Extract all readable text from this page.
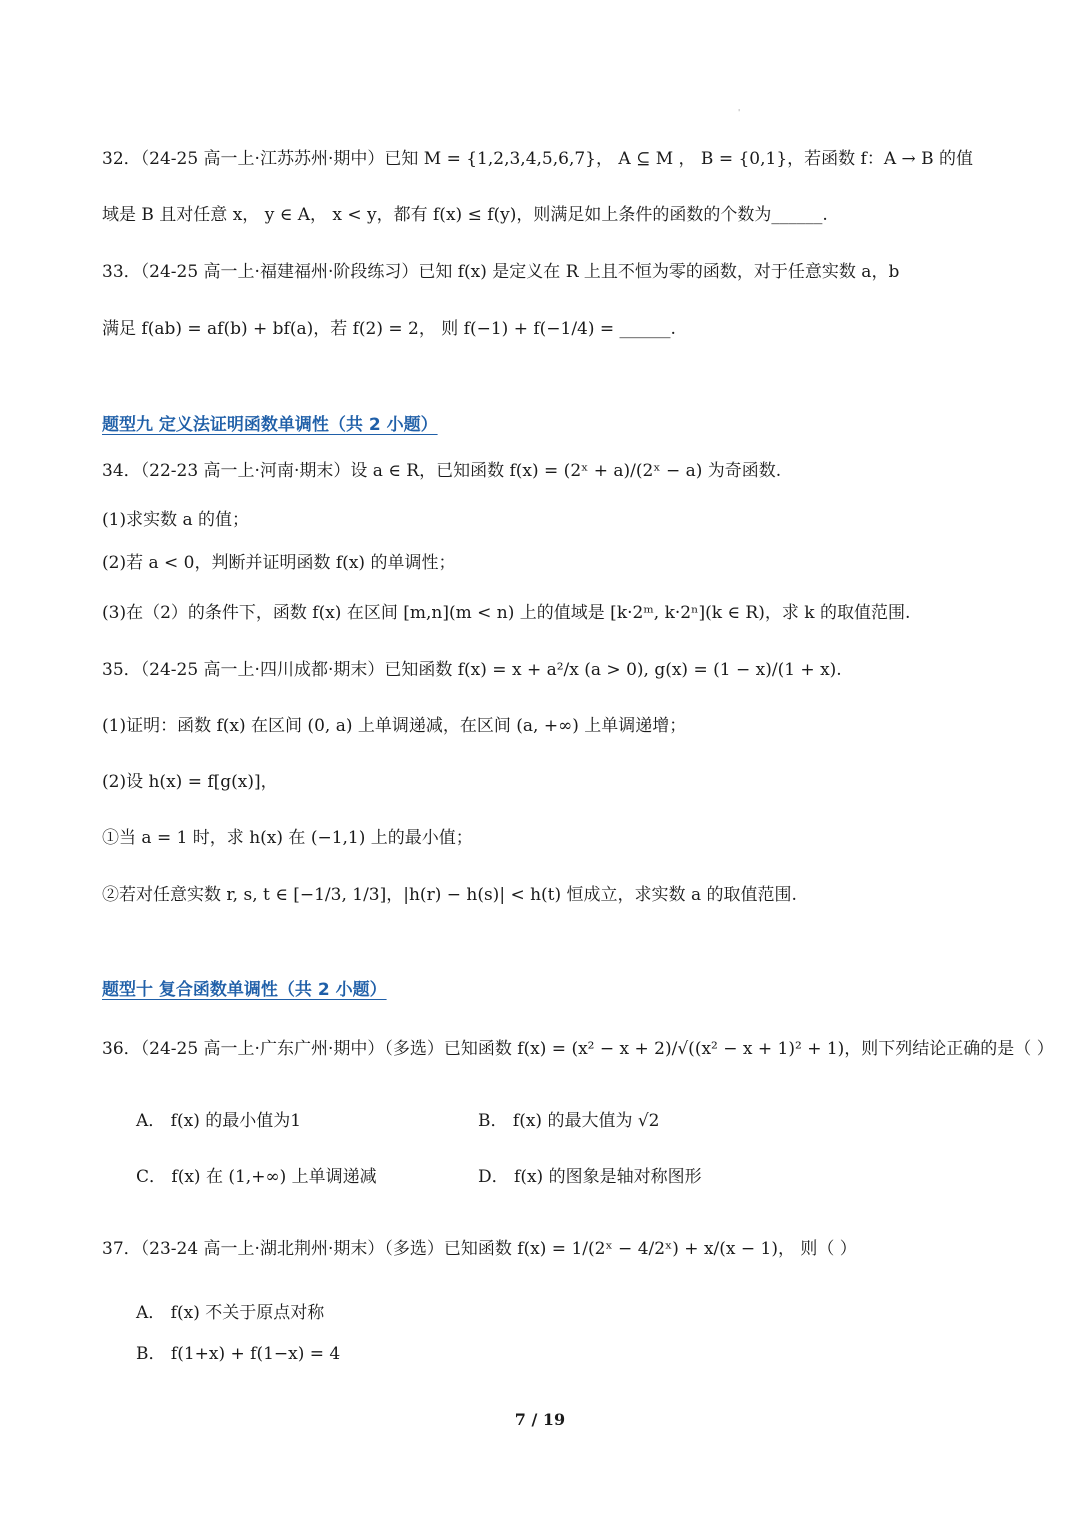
'
32．（24-25 高一上·江苏苏州·期中）已知 M = {1,2,3,4,5,6,7}， A ⊆ M ， B = {0,1}，若函数 f：A → B 的值
域是 B 且对任意 x， y ∈ A， x < y，都有 f(x) ≤ f(y)，则满足如上条件的函数的个数为______.
33．（24-25 高一上·福建福州·阶段练习）已知 f(x) 是定义在 R 上且不恒为零的函数，对于任意实数 a，b
满足 f(ab) = af(b) + bf(a)，若 f(2) = 2， 则 f(−1) + f(−1/4) = ______.
题型九 定义法证明函数单调性（共 2 小题）
34．（22-23 高一上·河南·期末）设 a ∈ R，已知函数 f(x) = (2ˣ + a)/(2ˣ − a) 为奇函数.
(1)求实数 a 的值；
(2)若 a < 0，判断并证明函数 f(x) 的单调性；
(3)在（2）的条件下，函数 f(x) 在区间 [m,n](m < n) 上的值域是 [k·2ᵐ, k·2ⁿ](k ∈ R)，求 k 的取值范围.
35．（24-25 高一上·四川成都·期末）已知函数 f(x) = x + a²/x (a > 0), g(x) = (1 − x)/(1 + x).
(1)证明：函数 f(x) 在区间 (0, a) 上单调递减，在区间 (a, +∞) 上单调递增；
(2)设 h(x) = f[g(x)]，
①当 a = 1 时，求 h(x) 在 (−1,1) 上的最小值；
②若对任意实数 r, s, t ∈ [−1/3, 1/3]，|h(r) − h(s)| < h(t) 恒成立，求实数 a 的取值范围.
题型十 复合函数单调性（共 2 小题）
36．（24-25 高一上·广东广州·期中）（多选）已知函数 f(x) = (x² − x + 2)/√((x² − x + 1)² + 1)，则下列结论正确的是（ ）
A． f(x) 的最小值为1	B． f(x) 的最大值为 √2
C． f(x) 在 (1,+∞) 上单调递减	D． f(x) 的图象是轴对称图形
37．（23-24 高一上·湖北荆州·期末）（多选）已知函数 f(x) = 1/(2ˣ − 4/2ˣ) + x/(x − 1)， 则（ ）
A． f(x) 不关于原点对称
B． f(1+x) + f(1−x) = 4
7 / 19
